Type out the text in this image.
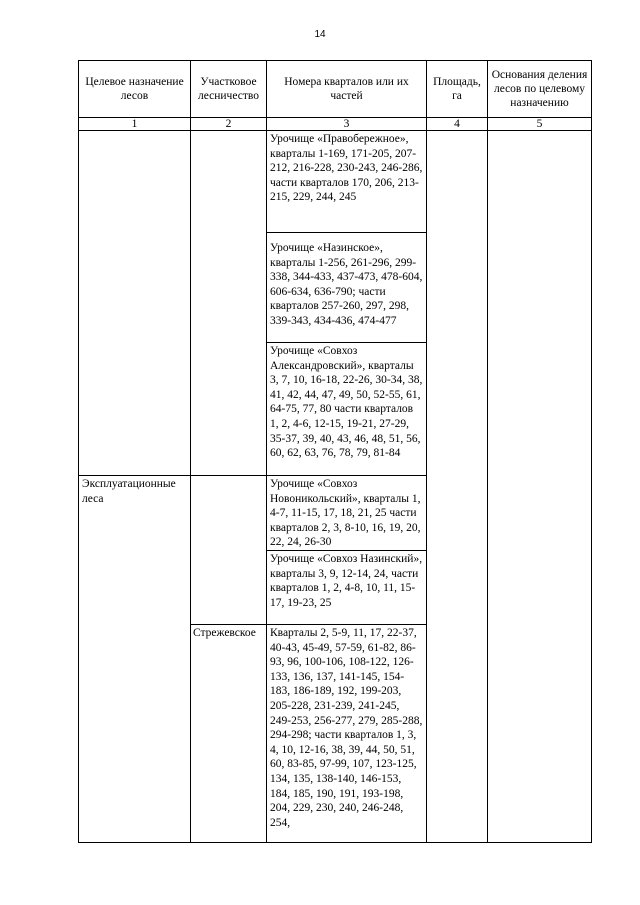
14
Целевое назначение лесов	Участковое лесничество	Номера кварталов или их частей	Площадь, га	Основания деления лесов по целевому назначению
1	2	3	4	5
		Урочище «Правобережное», кварталы 1-169, 171-205, 207-212, 216-228, 230-243, 246-286, части кварталов 170, 206, 213-215, 229, 244, 245		
		Урочище «Назинское», кварталы 1-256, 261-296, 299-338, 344-433, 437-473, 478-604, 606-634, 636-790; части кварталов 257-260, 297, 298, 339-343, 434-436, 474-477		
		Урочище «Совхоз Александровский», кварталы 3, 7, 10, 16-18, 22-26, 30-34, 38, 41, 42, 44, 47, 49, 50, 52-55, 61, 64-75, 77, 80 части кварталов 1, 2, 4-6, 12-15, 19-21, 27-29, 35-37, 39, 40, 43, 46, 48, 51, 56, 60, 62, 63, 76, 78, 79, 81-84		
Эксплуатационные леса		Урочище «Совхоз Новоникольский», кварталы 1, 4-7, 11-15, 17, 18, 21, 25 части кварталов 2, 3, 8-10, 16, 19, 20, 22, 24, 26-30		
		Урочище «Совхоз Назинский», кварталы 3, 9, 12-14, 24, части кварталов 1, 2, 4-8, 10, 11, 15-17, 19-23, 25		
	Стрежевское	Кварталы 2, 5-9, 11, 17, 22-37, 40-43, 45-49, 57-59, 61-82, 86-93, 96, 100-106, 108-122, 126-133, 136, 137, 141-145, 154-183, 186-189, 192, 199-203, 205-228, 231-239, 241-245, 249-253, 256-277, 279, 285-288, 294-298; части кварталов 1, 3, 4, 10, 12-16, 38, 39, 44, 50, 51, 60, 83-85, 97-99, 107, 123-125, 134, 135, 138-140, 146-153, 184, 185, 190, 191, 193-198, 204, 229, 230, 240, 246-248, 254,		
